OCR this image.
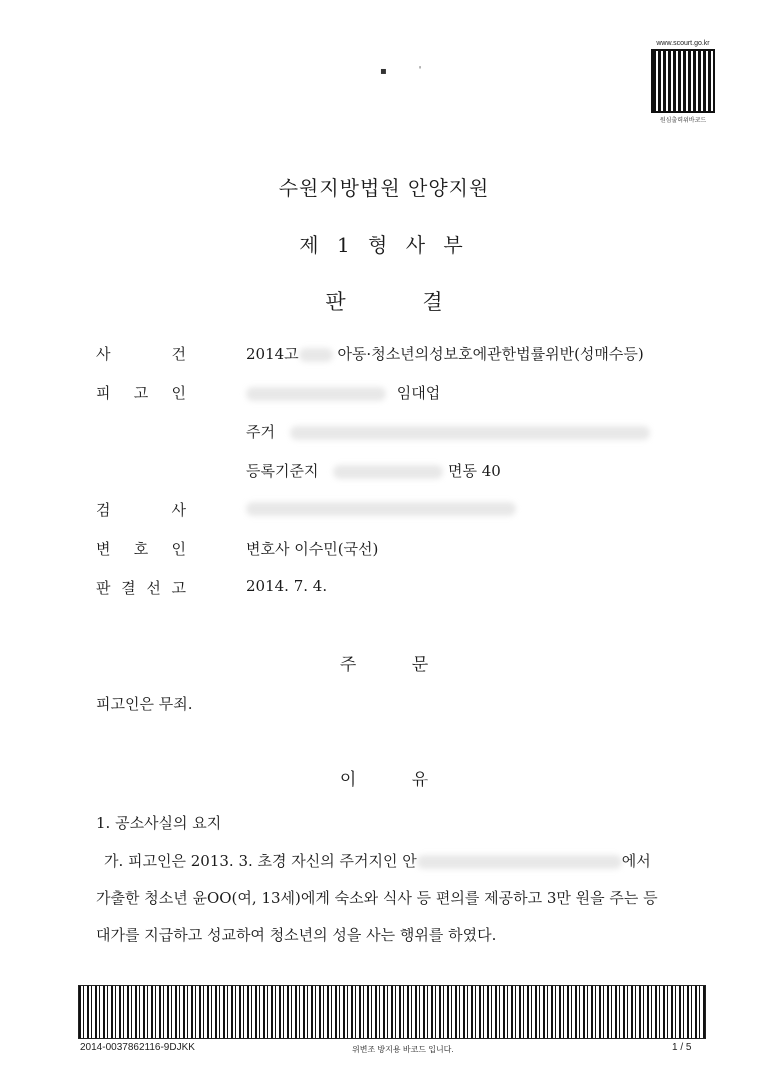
www.scourt.go.kr
원심출력위바코드
▪          ˈ
수원지방법원 안양지원
제 1 형 사 부
판 결
사 건	2014고	아동·청소년의성보호에관한법률위반(성매수등)
피 고 인	임대업
주거
등록기준지	면동 40
검 사
변 호 인	변호사 이수민(국선)
판 결 선 고	2014. 7. 4.
주 문
피고인은 무죄.
이 유
1. 공소사실의 요지
가. 피고인은 2013. 3. 초경 자신의 주거지인 안	에서
가출한 청소년 윤OO(여, 13세)에게 숙소와 식사 등 편의를 제공하고 3만 원을 주는 등
대가를 지급하고 성교하여 청소년의 성을 사는 행위를 하였다.
2014-0037862116-9DJKK	위변조 방지용 바코드 입니다.	1 / 5
